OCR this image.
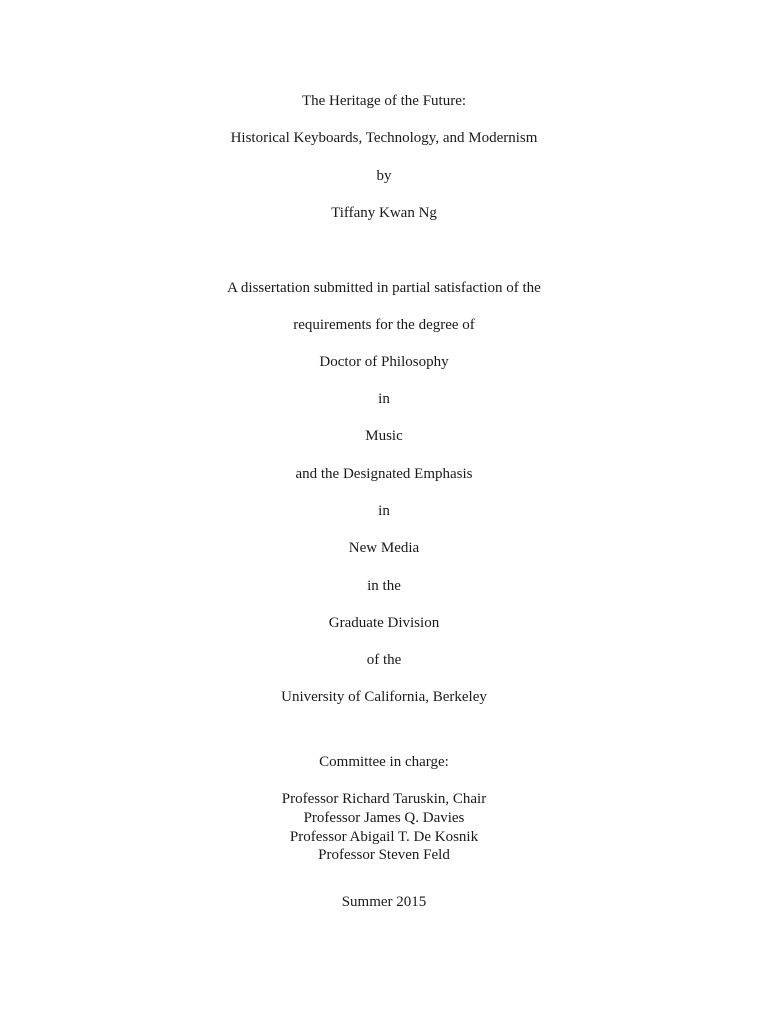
The Heritage of the Future:
Historical Keyboards, Technology, and Modernism
by
Tiffany Kwan Ng
A dissertation submitted in partial satisfaction of the
requirements for the degree of
Doctor of Philosophy
in
Music
and the Designated Emphasis
in
New Media
in the
Graduate Division
of the
University of California, Berkeley
Committee in charge:
Professor Richard Taruskin, Chair
Professor James Q. Davies
Professor Abigail T. De Kosnik
Professor Steven Feld
Summer 2015
